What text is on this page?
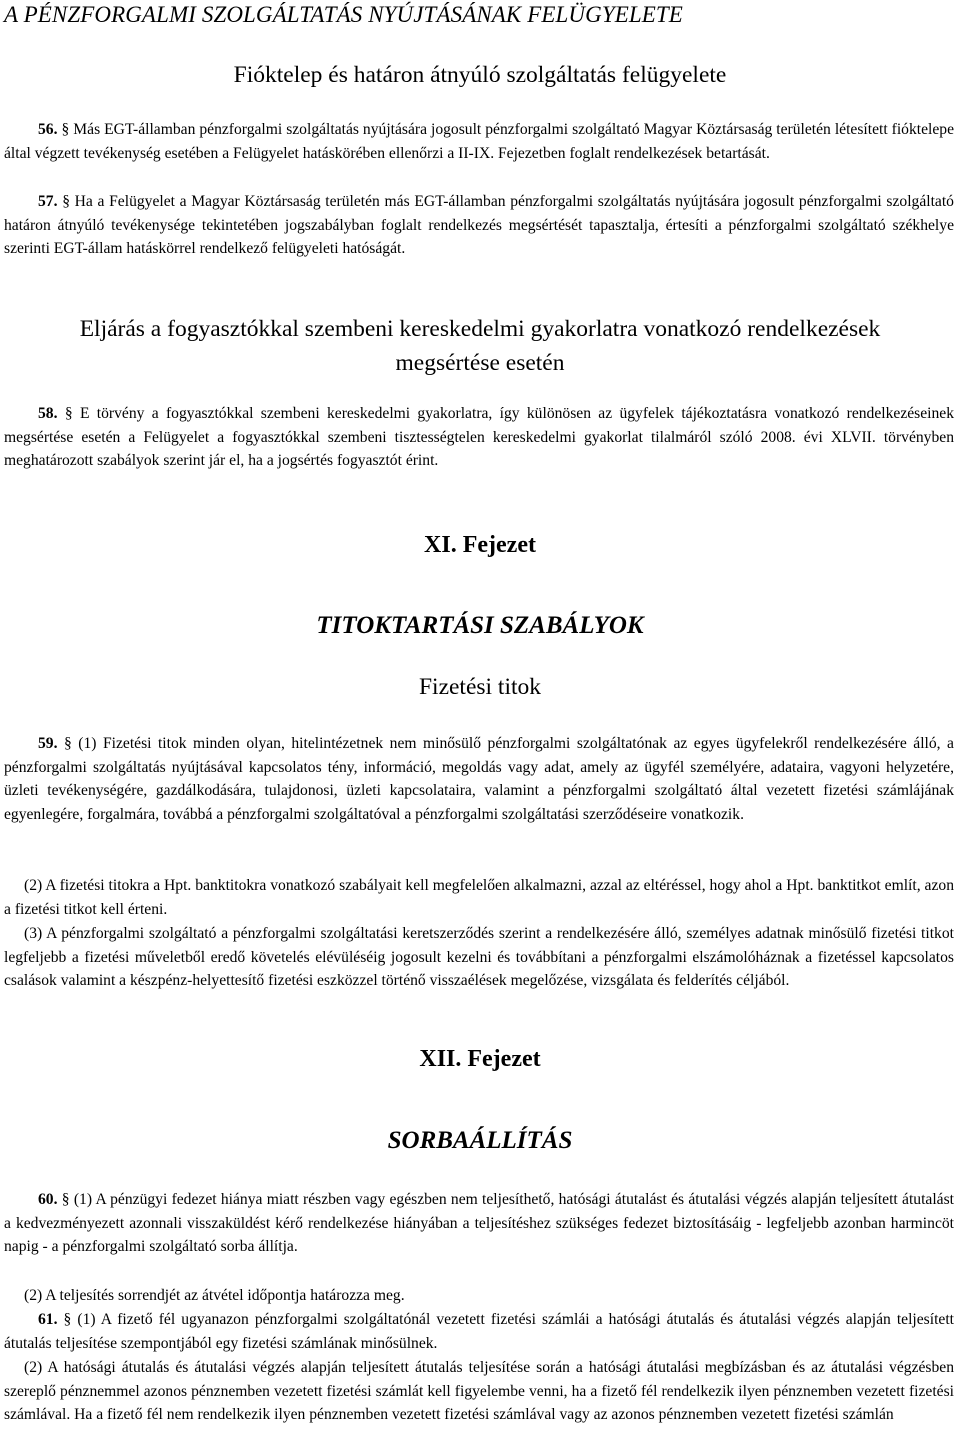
A PÉNZFORGALMI SZOLGÁLTATÁS NYÚJTÁSÁNAK FELÜGYELETE
Fióktelep és határon átnyúló szolgáltatás felügyelete

56. § Más EGT-államban pénzforgalmi szolgáltatás nyújtására jogosult pénzforgalmi szolgáltató Magyar Köztársaság területén létesített fióktelepe által végzett tevékenység esetében a Felügyelet hatáskörében ellenőrzi a II-IX. Fejezetben foglalt rendelkezések betartását.

57. § Ha a Felügyelet a Magyar Köztársaság területén más EGT-államban pénzforgalmi szolgáltatás nyújtására jogosult pénzforgalmi szolgáltató határon átnyúló tevékenysége tekintetében jogszabályban foglalt rendelkezés megsértését tapasztalja, értesíti a pénzforgalmi szolgáltató székhelye szerinti EGT-állam hatáskörrel rendelkező felügyeleti hatóságát.

Eljárás a fogyasztókkal szembeni kereskedelmi gyakorlatra vonatkozó rendelkezések megsértése esetén

58. § E törvény a fogyasztókkal szembeni kereskedelmi gyakorlatra, így különösen az ügyfelek tájékoztatásra vonatkozó rendelkezéseinek megsértése esetén a Felügyelet a fogyasztókkal szembeni tisztességtelen kereskedelmi gyakorlat tilalmáról szóló 2008. évi XLVII. törvényben meghatározott szabályok szerint jár el, ha a jogsértés fogyasztót érint.

XI. Fejezet
TITOKTARTÁSI SZABÁLYOK
Fizetési titok

59. § (1) Fizetési titok minden olyan, hitelintézetnek nem minősülő pénzforgalmi szolgáltatónak az egyes ügyfelekről rendelkezésére álló, a pénzforgalmi szolgáltatás nyújtásával kapcsolatos tény, információ, megoldás vagy adat, amely az ügyfél személyére, adataira, vagyoni helyzetére, üzleti tevékenységére, gazdálkodására, tulajdonosi, üzleti kapcsolataira, valamint a pénzforgalmi szolgáltató által vezetett fizetési számlájának egyenlegére, forgalmára, továbbá a pénzforgalmi szolgáltatóval a pénzforgalmi szolgáltatási szerződéseire vonatkozik.

(2) A fizetési titokra a Hpt. banktitokra vonatkozó szabályait kell megfelelően alkalmazni, azzal az eltéréssel, hogy ahol a Hpt. banktitkot említ, azon a fizetési titkot kell érteni.

(3) A pénzforgalmi szolgáltató a pénzforgalmi szolgáltatási keretszerződés szerint a rendelkezésére álló, személyes adatnak minősülő fizetési titkot legfeljebb a fizetési műveletből eredő követelés elévüléséig jogosult kezelni és továbbítani a pénzforgalmi elszámolóháznak a fizetéssel kapcsolatos csalások valamint a készpénz-helyettesítő fizetési eszközzel történő visszaélések megelőzése, vizsgálata és felderítés céljából.

XII. Fejezet
SORBAÁLLÍTÁS

60. § (1) A pénzügyi fedezet hiánya miatt részben vagy egészben nem teljesíthető, hatósági átutalást és átutalási végzés alapján teljesített átutalást a kedvezményezett azonnali visszaküldést kérő rendelkezése hiányában a teljesítéshez szükséges fedezet biztosításáig - legfeljebb azonban harmincöt napig - a pénzforgalmi szolgáltató sorba állítja.

(2) A teljesítés sorrendjét az átvétel időpontja határozza meg.

61. § (1) A fizető fél ugyanazon pénzforgalmi szolgáltatónál vezetett fizetési számlái a hatósági átutalás és átutalási végzés alapján teljesített átutalás teljesítése szempontjából egy fizetési számlának minősülnek.

(2) A hatósági átutalás és átutalási végzés alapján teljesített átutalás teljesítése során a hatósági átutalási megbízásban és az átutalási végzésben szereplő pénznemmel azonos pénznemben vezetett fizetési számlát kell figyelembe venni, ha a fizető fél rendelkezik ilyen pénznemben vezetett fizetési számlával. Ha a fizető fél nem rendelkezik ilyen pénznemben vezetett fizetési számlával vagy az azonos pénznemben vezetett fizetési számlán
